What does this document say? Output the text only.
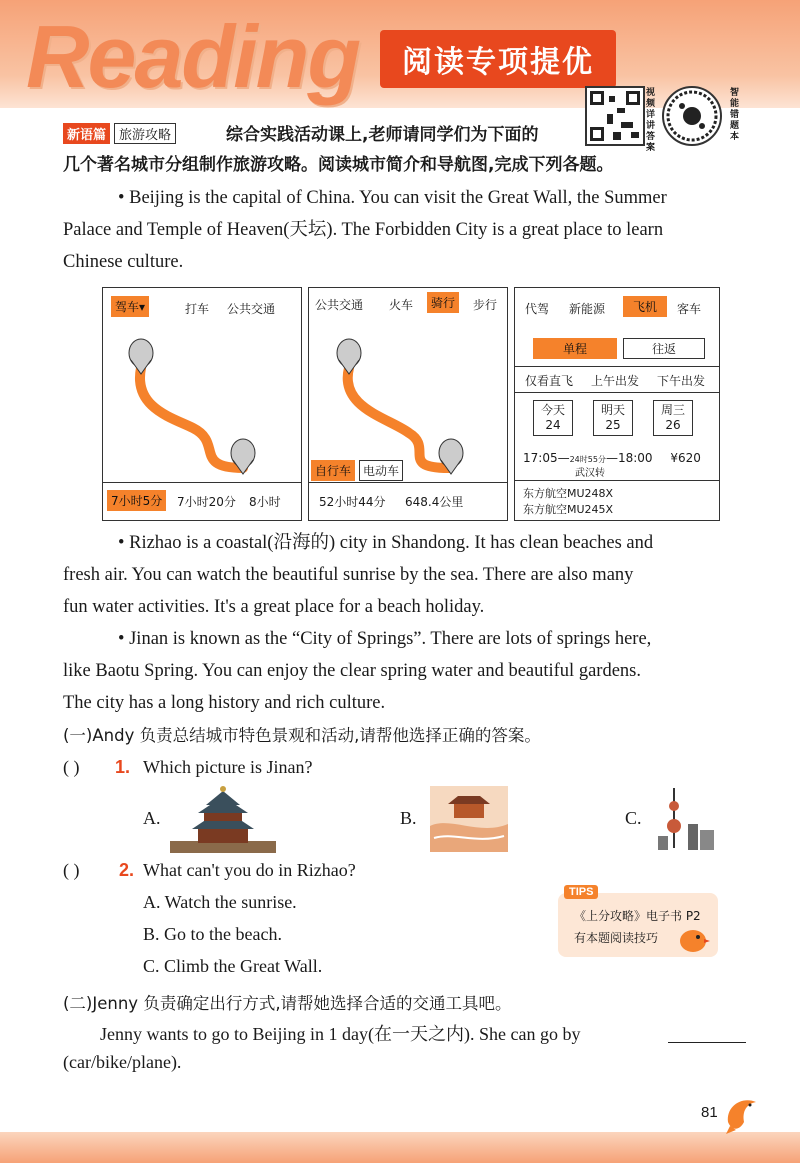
Reading	阅读专项提优
视频详讲答案
智能错题本
新语篇	旅游攻略	综合实践活动课上,老师请同学们为下面的
几个著名城市分组制作旅游攻略。阅读城市简介和导航图,完成下列各题。
• Beijing is the capital of China. You can visit the Great Wall, the Summer
Palace and Temple of Heaven(天坛). The Forbidden City is a great place to learn
Chinese culture.
驾车▾	打车 公共交通
7小时5分	7小时20分 8小时
公共交通 火车	骑行	步行
自行车 电动车
52小时44分 648.4公里
代驾 新能源	飞机	客车
单程	往返
仅看直飞 上午出发 下午出发
今天
24
明天
25
周三
26
17:05—24时55分—18:00 ¥620
武汉转
东方航空MU248X
东方航空MU245X
• Rizhao is a coastal(沿海的) city in Shandong. It has clean beaches and
fresh air. You can watch the beautiful sunrise by the sea. There are also many
fun water activities. It's a great place for a beach holiday.
• Jinan is known as the “City of Springs”. There are lots of springs here,
like Baotu Spring. You can enjoy the clear spring water and beautiful gardens.
The city has a long history and rich culture.
(一)Andy 负责总结城市特色景观和活动,请帮他选择正确的答案。
( ) 1. Which picture is Jinan?
A.	B.	C.
( ) 2. What can't you do in Rizhao?
A. Watch the sunrise.
B. Go to the beach.
C. Climb the Great Wall.
TIPS
《上分攻略》电子书 P2
有本题阅读技巧
(二)Jenny 负责确定出行方式,请帮她选择合适的交通工具吧。
Jenny wants to go to Beijing in 1 day(在一天之内). She can go by
(car/bike/plane).
81
